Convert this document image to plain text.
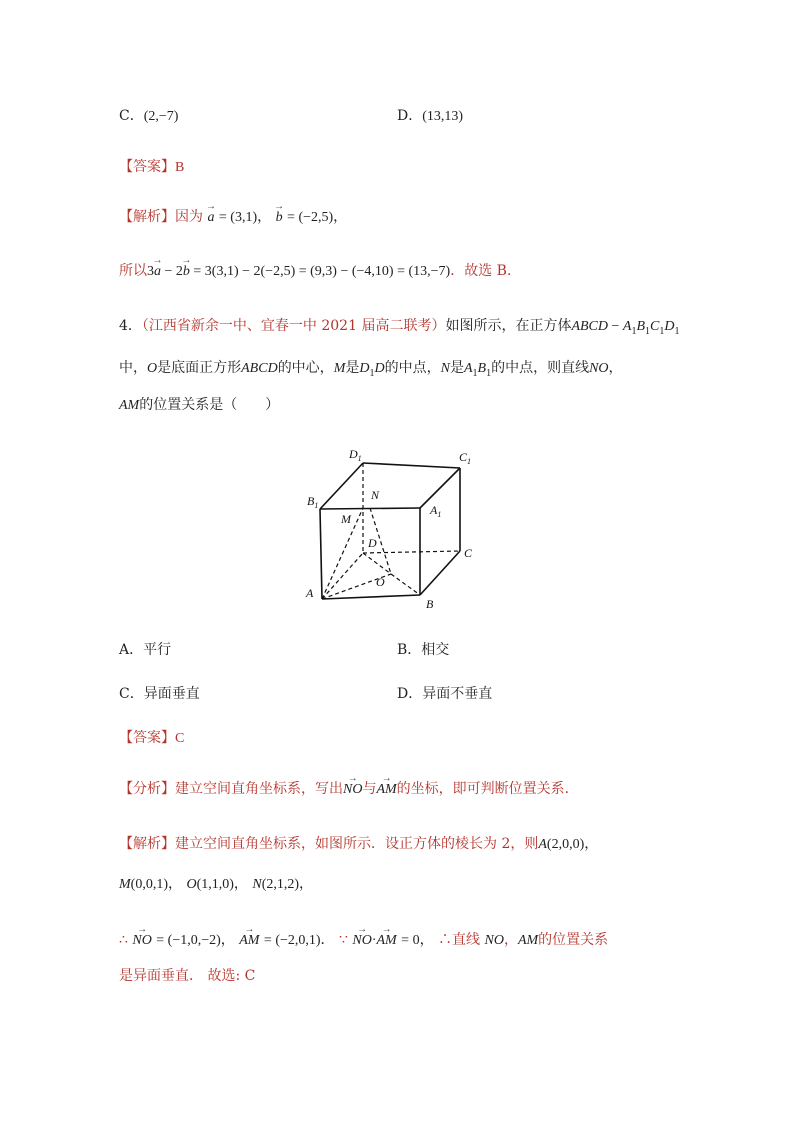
C．(2,−7)	D．(13,13)
【答案】B
【解析】因为 → a = (3,1)， → b = (−2,5)，
所以3→ a − 2→ b = 3(3,1) − 2(−2,5) = (9,3) − (−4,10) = (13,−7)．故选 B．
4．（江西省新余一中、宜春一中 2021 届高二联考）如图所示，在正方体ABCD − $A_1B_1C_1D_1$
中，O是底面正方形ABCD的中心，M是$D_1D$的中点，N是$A_1B_1$的中点，则直线NO，
AM的位置关系是（　　）
$D_1$	$C_1$
$B_1$	$A_1$
N
M
D
C
O
A
B
A．平行	B．相交
C．异面垂直	D．异面不垂直
【答案】C
【分析】建立空间直角坐标系，写出→ NO与→ AM的坐标，即可判断位置关系．
【解析】建立空间直角坐标系，如图所示．设正方体的棱长为 2，则A(2,0,0)，
M(0,0,1)， O(1,1,0)， N(2,1,2)，
∴ → NO = (−1,0,−2)， → AM = (−2,0,1)． ∵ → NO·→ AM = 0， ∴直线 NO，AM的位置关系
是异面垂直． 故选: C
